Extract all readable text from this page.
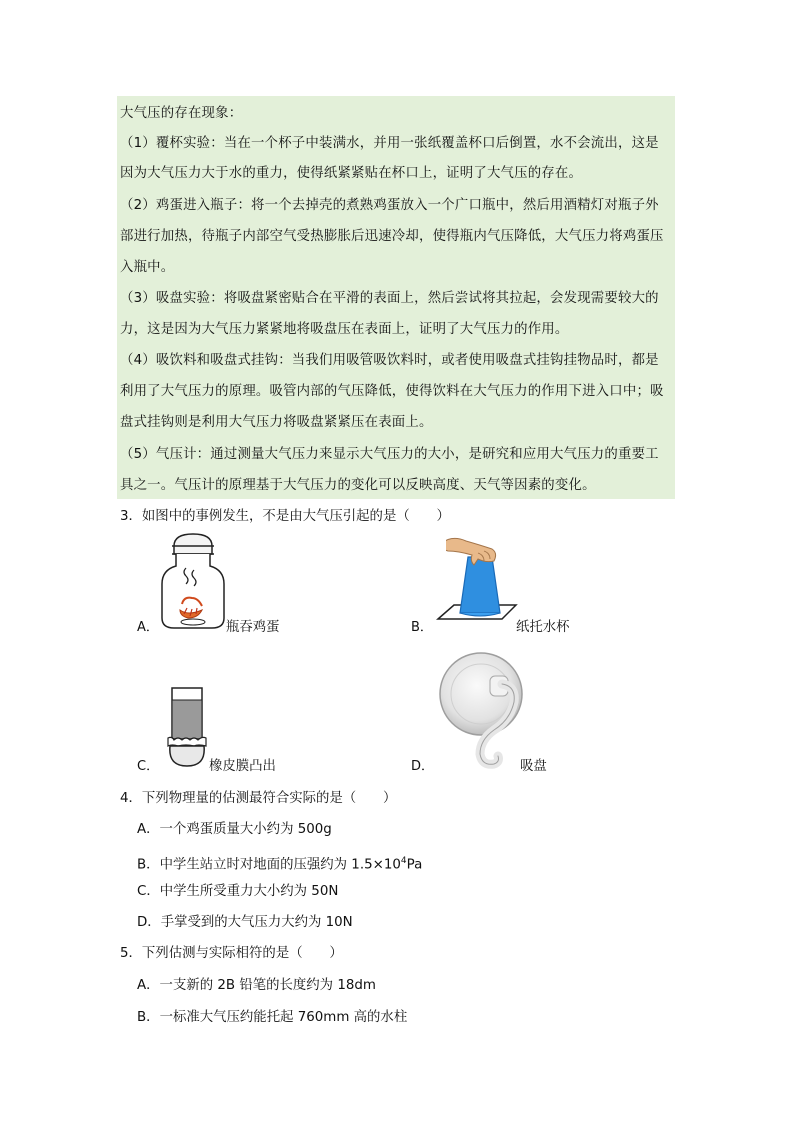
大气压的存在现象：
（1）覆杯实验：当在一个杯子中装满水，并用一张纸覆盖杯口后倒置，水不会流出，这是
因为大气压力大于水的重力，使得纸紧紧贴在杯口上，证明了大气压的存在。
（2）鸡蛋进入瓶子：将一个去掉壳的煮熟鸡蛋放入一个广口瓶中，然后用酒精灯对瓶子外
部进行加热，待瓶子内部空气受热膨胀后迅速冷却，使得瓶内气压降低，大气压力将鸡蛋压
入瓶中。
（3）吸盘实验：将吸盘紧密贴合在平滑的表面上，然后尝试将其拉起，会发现需要较大的
力，这是因为大气压力紧紧地将吸盘压在表面上，证明了大气压力的作用。
（4）吸饮料和吸盘式挂钩：当我们用吸管吸饮料时，或者使用吸盘式挂钩挂物品时，都是
利用了大气压力的原理。吸管内部的气压降低，使得饮料在大气压力的作用下进入口中；吸
盘式挂钩则是利用大气压力将吸盘紧紧压在表面上。
（5）气压计：通过测量大气压力来显示大气压力的大小，是研究和应用大气压力的重要工
具之一。气压计的原理基于大气压力的变化可以反映高度、天气等因素的变化。
3．如图中的事例发生，不是由大气压引起的是（　　）
A．	瓶吞鸡蛋	B．	纸托水杯
C．	橡皮膜凸出	D．	吸盘
4．下列物理量的估测最符合实际的是（　　）
A．一个鸡蛋质量大小约为 500g
B．中学生站立时对地面的压强约为 $1.5\times 10^4Pa$
C．中学生所受重力大小约为 50N
D．手掌受到的大气压力大约为 10N
5．下列估测与实际相符的是（　　）
A．一支新的 2B 铅笔的长度约为 18dm
B．一标准大气压约能托起 760mm 高的水柱
